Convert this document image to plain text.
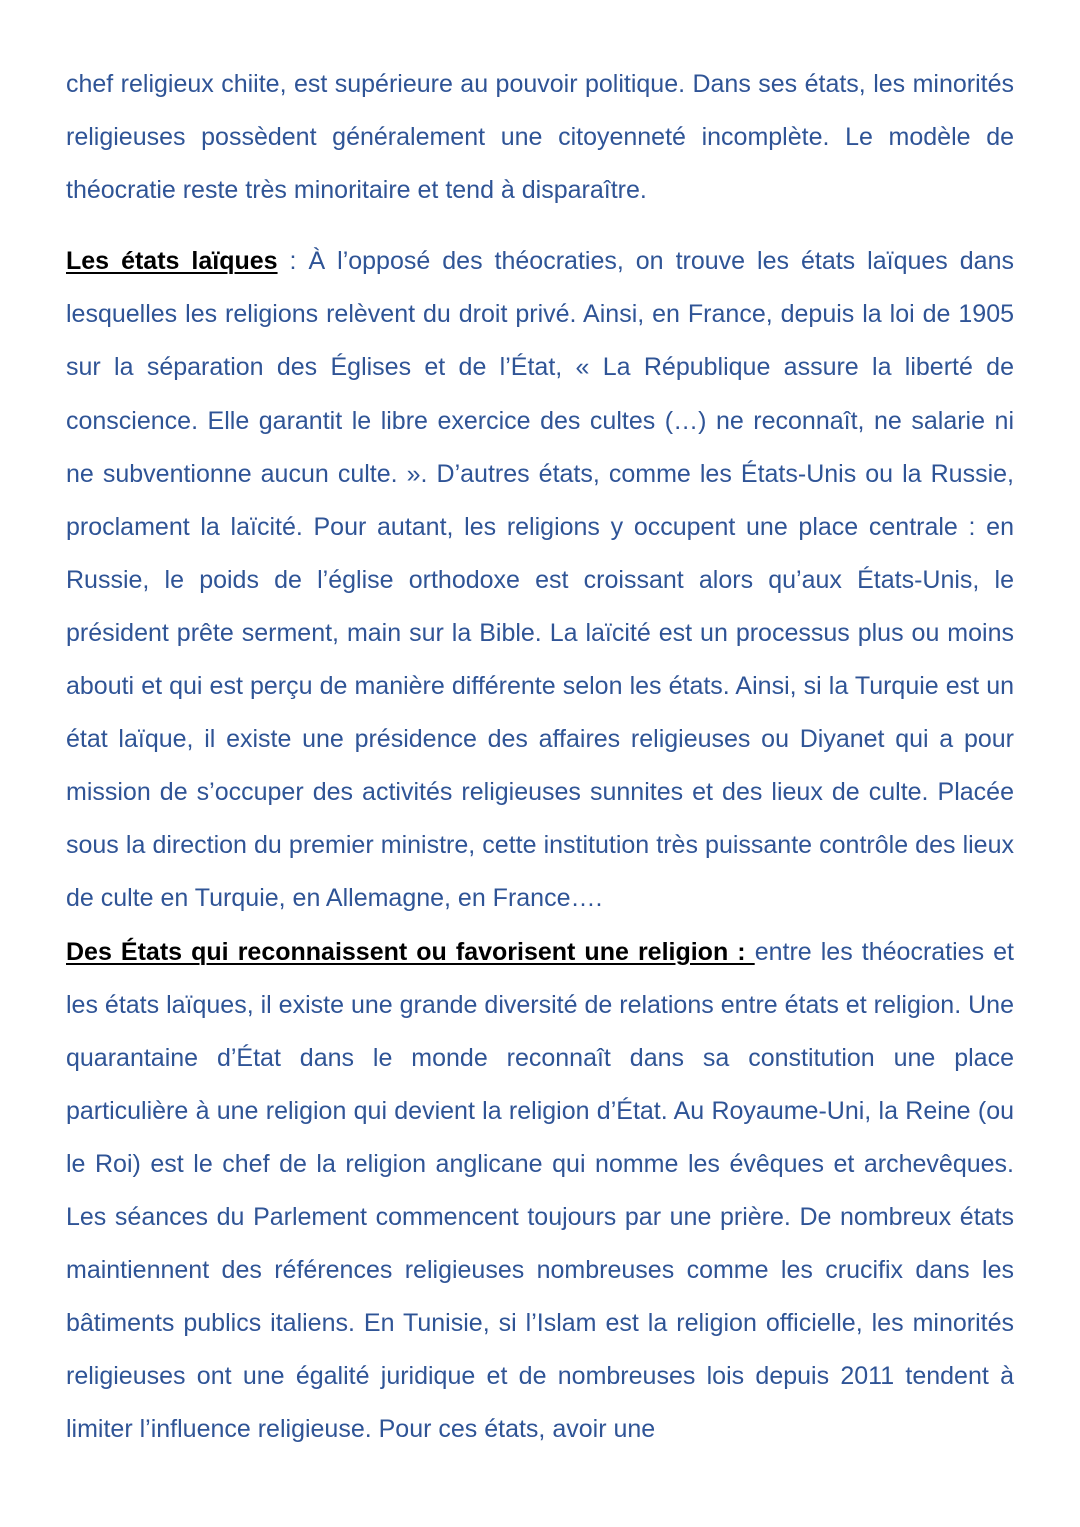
chef religieux chiite, est supérieure au pouvoir politique. Dans ses états, les minorités religieuses possèdent généralement une citoyenneté incomplète. Le modèle de théocratie reste très minoritaire et tend à disparaître.

Les états laïques : À l’opposé des théocraties, on trouve les états laïques dans lesquelles les religions relèvent du droit privé. Ainsi, en France, depuis la loi de 1905 sur la séparation des Églises et de l’État, « La République assure la liberté de conscience. Elle garantit le libre exercice des cultes (…) ne reconnaît, ne salarie ni ne subventionne aucun culte. ». D’autres états, comme les États-Unis ou la Russie, proclament la laïcité. Pour autant, les religions y occupent une place centrale : en Russie, le poids de l’église orthodoxe est croissant alors qu’aux États-Unis, le président prête serment, main sur la Bible. La laïcité est un processus plus ou moins abouti et qui est perçu de manière différente selon les états. Ainsi, si la Turquie est un état laïque, il existe une présidence des affaires religieuses ou Diyanet qui a pour mission de s’occuper des activités religieuses sunnites et des lieux de culte. Placée sous la direction du premier ministre, cette institution très puissante contrôle des lieux de culte en Turquie, en Allemagne, en France….

Des États qui reconnaissent ou favorisent une religion : entre les théocraties et les états laïques, il existe une grande diversité de relations entre états et religion. Une quarantaine d’État dans le monde reconnaît dans sa constitution une place particulière à une religion qui devient la religion d’État. Au Royaume-Uni, la Reine (ou le Roi) est le chef de la religion anglicane qui nomme les évêques et archevêques. Les séances du Parlement commencent toujours par une prière. De nombreux états maintiennent des références religieuses nombreuses comme les crucifix dans les bâtiments publics italiens. En Tunisie, si l’Islam est la religion officielle, les minorités religieuses ont une égalité juridique et de nombreuses lois depuis 2011 tendent à limiter l’influence religieuse. Pour ces états, avoir une
